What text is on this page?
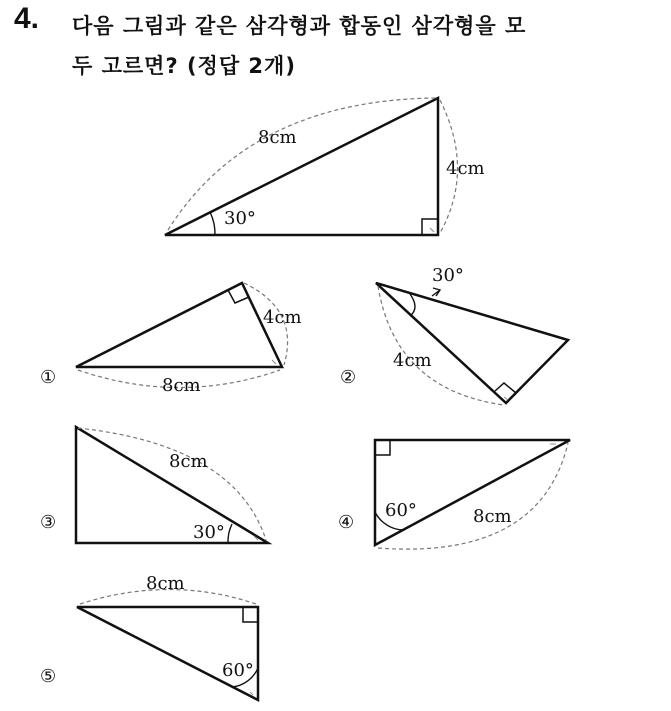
4. 다음 그림과 같은 삼각형과 합동인 삼각형을 모
두 고르면? (정답 2개)
8cm
4cm
30°
4cm
8cm
①
30°
4cm
②
8cm
30°
③
60°	8cm
④
8cm
60°
⑤
